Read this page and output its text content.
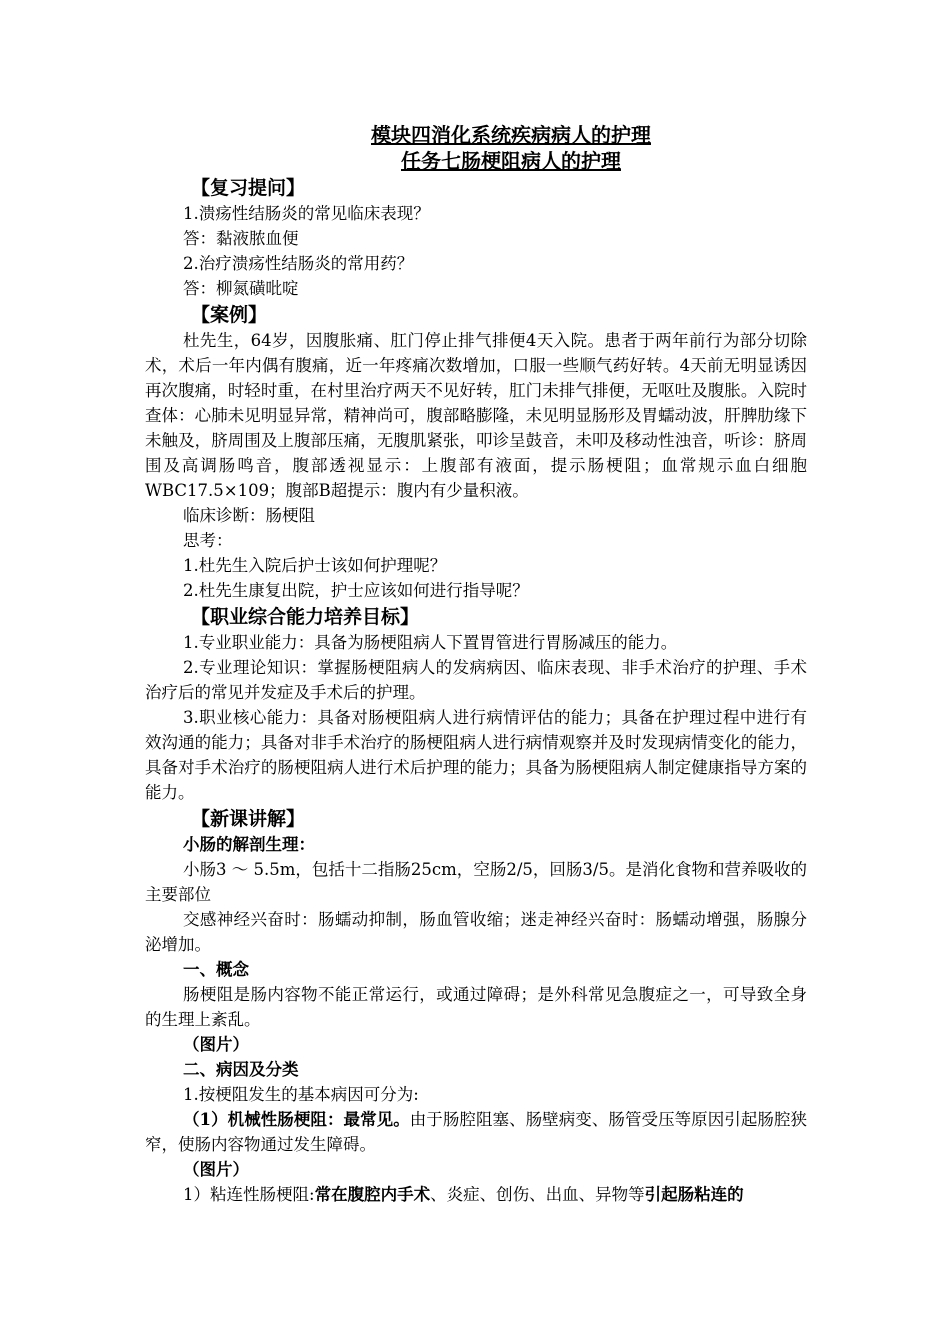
模块四消化系统疾病病人的护理
任务七肠梗阻病人的护理
【复习提问】

1.溃疡性结肠炎的常见临床表现？

答：黏液脓血便

2.治疗溃疡性结肠炎的常用药？

答：柳氮磺吡啶

【案例】

杜先生，64岁，因腹胀痛、肛门停止排气排便4天入院。患者于两年前行为部分切除术，术后一年内偶有腹痛，近一年疼痛次数增加，口服一些顺气药好转。4天前无明显诱因再次腹痛，时轻时重，在村里治疗两天不见好转，肛门未排气排便，无呕吐及腹胀。入院时查体：心肺未见明显异常，精神尚可，腹部略膨隆，未见明显肠形及胃蠕动波，肝脾肋缘下未触及，脐周围及上腹部压痛，无腹肌紧张，叩诊呈鼓音，未叩及移动性浊音，听诊：脐周围及高调肠鸣音，腹部透视显示：上腹部有液面，提示肠梗阻；血常规示血白细胞WBC17.5×109；腹部B超提示：腹内有少量积液。

临床诊断：肠梗阻

思考：

1.杜先生入院后护士该如何护理呢？

2.杜先生康复出院，护士应该如何进行指导呢？

【职业综合能力培养目标】

1.专业职业能力：具备为肠梗阻病人下置胃管进行胃肠减压的能力。

2.专业理论知识：掌握肠梗阻病人的发病病因、临床表现、非手术治疗的护理、手术治疗后的常见并发症及手术后的护理。

3.职业核心能力：具备对肠梗阻病人进行病情评估的能力；具备在护理过程中进行有效沟通的能力；具备对非手术治疗的肠梗阻病人进行病情观察并及时发现病情变化的能力，具备对手术治疗的肠梗阻病人进行术后护理的能力；具备为肠梗阻病人制定健康指导方案的能力。

【新课讲解】

小肠的解剖生理：

小肠3 ～ 5.5m，包括十二指肠25cm，空肠2/5，回肠3/5。是消化食物和营养吸收的主要部位

交感神经兴奋时：肠蠕动抑制，肠血管收缩；迷走神经兴奋时：肠蠕动增强，肠腺分泌增加。

一、概念

肠梗阻是肠内容物不能正常运行，或通过障碍；是外科常见急腹症之一，可导致全身的生理上紊乱。

（图片）

二、病因及分类

1.按梗阻发生的基本病因可分为:

（1）机械性肠梗阻：最常见。由于肠腔阻塞、肠壁病变、肠管受压等原因引起肠腔狭窄，使肠内容物通过发生障碍。

（图片）

1）粘连性肠梗阻:常在腹腔内手术、炎症、创伤、出血、异物等引起肠粘连的
